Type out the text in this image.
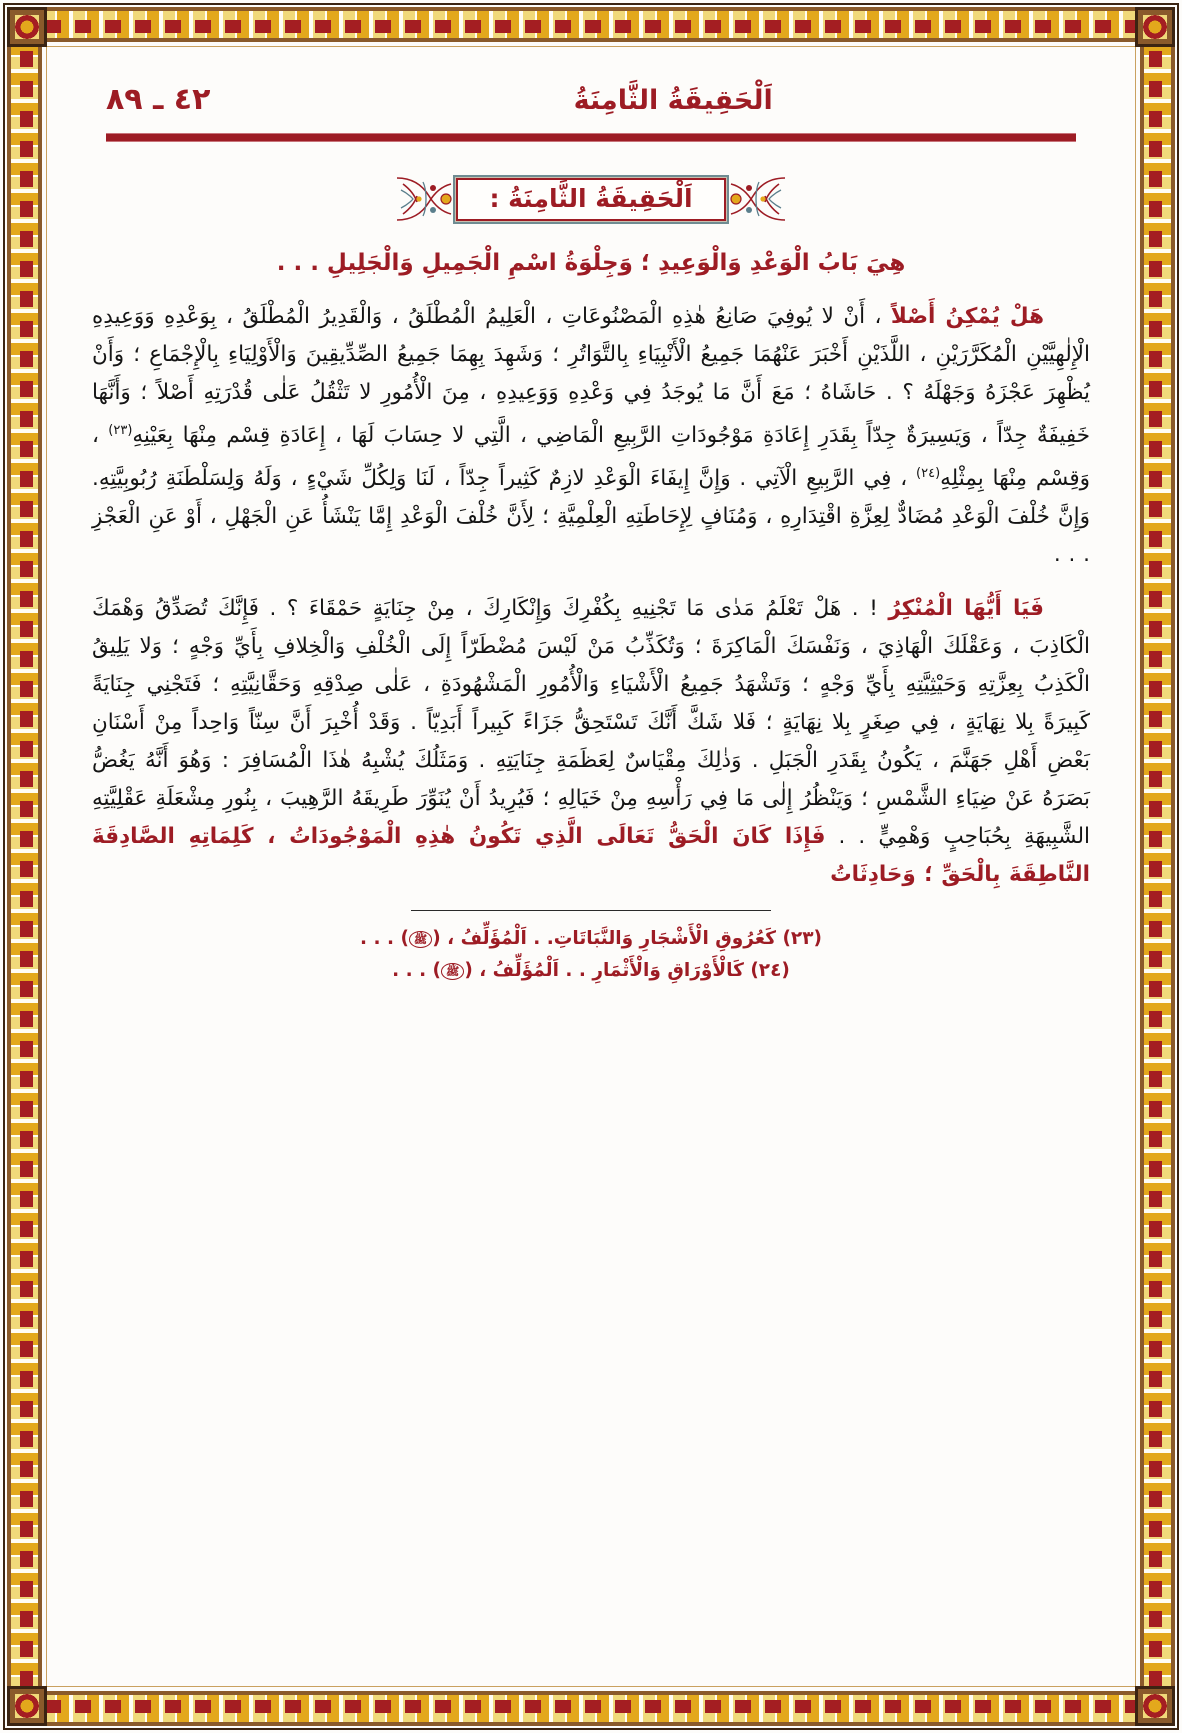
اَلْحَقِيقَةُ الثَّامِنَةُ
٤٢ ـ ٨٩
اَلْحَقِيقَةُ الثَّامِنَةُ :
هِيَ بَابُ الْوَعْدِ وَالْوَعِيدِ ؛ وَجِلْوَةُ اسْمِ الْجَمِيلِ وَالْجَلِيلِ . . .

هَلْ يُمْكِنُ أَصْلاً ، أَنْ لا يُوفِيَ صَانِعُ هٰذِهِ الْمَصْنُوعَاتِ ، الْعَلِيمُ الْمُطْلَقُ ، وَالْقَدِيرُ الْمُطْلَقُ ، بِوَعْدِهِ وَوَعِيدِهِ الْإِلٰهِيَّيْنِ الْمُكَرَّرَيْنِ ، اللَّذَيْنِ أَخْبَرَ عَنْهُمَا جَمِيعُ الْأَنْبِيَاءِ بِالتَّوَاتُرِ ؛ وَشَهِدَ بِهِمَا جَمِيعُ الصِّدِّيقِينَ وَالْأَوْلِيَاءِ بِالْإِجْمَاعِ ؛ وَأَنْ يُظْهِرَ عَجْزَهُ وَجَهْلَهُ ؟ . حَاشَاهُ ؛ مَعَ أَنَّ مَا يُوجَدُ فِي وَعْدِهِ وَوَعِيدِهِ ، مِنَ الْأُمُورِ لا تَثْقُلُ عَلٰى قُدْرَتِهِ أَصْلاً ؛ وَأَنَّهَا خَفِيفَةٌ جِدّاً ، وَيَسِيرَةٌ جِدّاً بِقَدَرِ إِعَادَةِ مَوْجُودَاتِ الرَّبِيعِ الْمَاضِي ، الَّتِي لا حِسَابَ لَهَا ، إِعَادَةِ قِسْم مِنْهَا بِعَيْنِهِ$^{(٢٣)}$ ، وَقِسْم مِنْهَا بِمِثْلِهِ$^{(٢٤)}$ ، فِي الرَّبِيعِ الْآتِي . وَإِنَّ إِيفَاءَ الْوَعْدِ لازِمٌ كَثِيراً جِدّاً ، لَنَا وَلِكُلِّ شَيْءٍ ، وَلَهُ وَلِسَلْطَنَةِ رُبُوبِيَّتِهِ. وَإِنَّ خُلْفَ الْوَعْدِ مُضَادٌّ لِعِزَّةِ اقْتِدَارِهِ ، وَمُنَافٍ لِإِحَاطَتِهِ الْعِلْمِيَّةِ ؛ لِأَنَّ خُلْفَ الْوَعْدِ إِمَّا يَنْشَأُ عَنِ الْجَهْلِ ، أَوْ عَنِ الْعَجْزِ . . .

فَيَا أَيُّهَا الْمُنْكِرُ ! . هَلْ تَعْلَمُ مَدٰى مَا تَجْنِيهِ بِكُفْرِكَ وَإِنْكَارِكَ ، مِنْ جِنَايَةٍ حَمْقَاءَ ؟ . فَإِنَّكَ تُصَدِّقُ وَهْمَكَ الْكَاذِبَ ، وَعَقْلَكَ الْهَاذِيَ ، وَنَفْسَكَ الْمَاكِرَةَ ؛ وَتُكَذِّبُ مَنْ لَيْسَ مُضْطَرّاً إِلَى الْخُلْفِ وَالْخِلافِ بِأَيِّ وَجْهٍ ؛ وَلا يَلِيقُ الْكَذِبُ بِعِزَّتِهِ وَحَيْثِيَّتِهِ بِأَيِّ وَجْهٍ ؛ وَتَشْهَدُ جَمِيعُ الْأَشْيَاءِ وَالْأُمُورِ الْمَشْهُودَةِ ، عَلٰى صِدْقِهِ وَحَقَّانِيَّتِهِ ؛ فَتَجْنِي جِنَايَةً كَبِيرَةً بِلا نِهَايَةٍ ، فِي صِغَرٍ بِلا نِهَايَةٍ ؛ فَلا شَكَّ أَنَّكَ تَسْتَحِقُّ جَزَاءً كَبِيراً أَبَدِيّاً . وَقَدْ أُخْبِرَ أَنَّ سِنّاً وَاحِداً مِنْ أَسْنَانِ بَعْضِ أَهْلِ جَهَنَّمَ ، يَكُونُ بِقَدَرِ الْجَبَلِ . وَذٰلِكَ مِقْيَاسٌ لِعَظَمَةِ جِنَايَتِهِ . وَمَثَلُكَ يُشْبِهُ هٰذَا الْمُسَافِرَ : وَهُوَ أَنَّهُ يَغُضُّ بَصَرَهُ عَنْ ضِيَاءِ الشَّمْسِ ؛ وَيَنْظُرُ إِلٰى مَا فِي رَأْسِهِ مِنْ خَيَالِهِ ؛ فَيُرِيدُ أَنْ يُنَوِّرَ طَرِيقَهُ الرَّهِيبَ ، بِنُورِ مِشْعَلَةِ عَقْلِيَّتِهِ الشَّبِيهَةِ بِحُبَاحِبٍ وَهْمِيٍّ . . فَإِذَا كَانَ الْحَقُّ تَعَالَى الَّذِي تَكُونُ هٰذِهِ الْمَوْجُودَاتُ ، كَلِمَاتِهِ الصَّادِقَةَ النَّاطِقَةَ بِالْحَقِّ ؛ وَحَادِثَاتُ

(٢٣) كَعُرُوقِ الْأَشْجَارِ وَالنَّبَاتَاتِ. . اَلْمُؤَلِّفُ ، (ﷺ) . . .
(٢٤) كَالْأَوْرَاقِ وَالْأَثْمَارِ . . اَلْمُؤَلِّفُ ، (ﷺ) . . .
